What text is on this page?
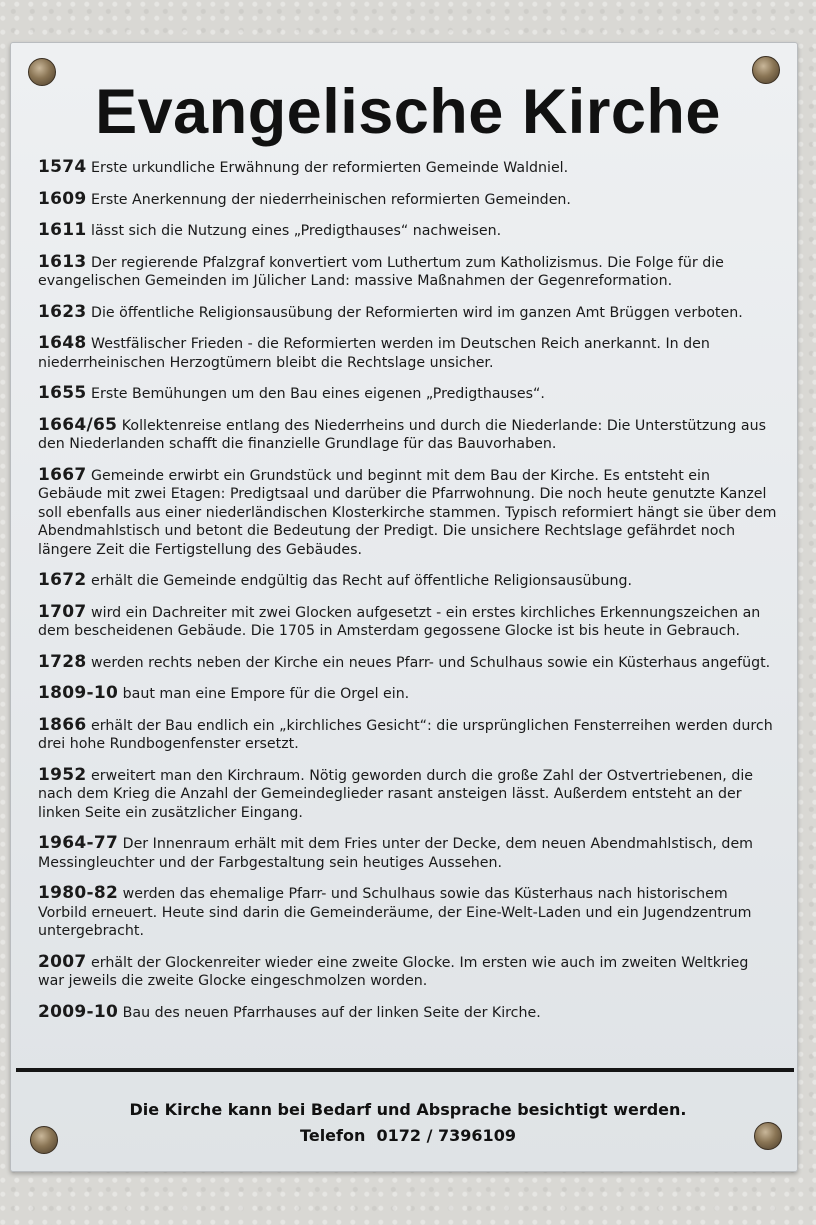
Evangelische Kirche

1574 Erste urkundliche Erwähnung der reformierten Gemeinde Waldniel.

1609 Erste Anerkennung der niederrheinischen reformierten Gemeinden.

1611 lässt sich die Nutzung eines „Predigthauses“ nachweisen.

1613 Der regierende Pfalzgraf konvertiert vom Luthertum zum Katholizismus. Die Folge für die evangelischen Gemeinden im Jülicher Land: massive Maßnahmen der Gegenreformation.

1623 Die öffentliche Religionsausübung der Reformierten wird im ganzen Amt Brüggen verboten.

1648 Westfälischer Frieden - die Reformierten werden im Deutschen Reich anerkannt. In den niederrheinischen Herzogtümern bleibt die Rechtslage unsicher.

1655 Erste Bemühungen um den Bau eines eigenen „Predigthauses“.

1664/65 Kollektenreise entlang des Niederrheins und durch die Niederlande: Die Unterstützung aus den Niederlanden schafft die finanzielle Grundlage für das Bauvorhaben.

1667 Gemeinde erwirbt ein Grundstück und beginnt mit dem Bau der Kirche. Es entsteht ein Gebäude mit zwei Etagen: Predigtsaal und darüber die Pfarrwohnung. Die noch heute genutzte Kanzel soll ebenfalls aus einer niederländischen Klosterkirche stammen. Typisch reformiert hängt sie über dem Abendmahlstisch und betont die Bedeutung der Predigt. Die unsichere Rechtslage gefährdet noch längere Zeit die Fertigstellung des Gebäudes.

1672 erhält die Gemeinde endgültig das Recht auf öffentliche Religionsausübung.

1707 wird ein Dachreiter mit zwei Glocken aufgesetzt - ein erstes kirchliches Erkennungszeichen an dem bescheidenen Gebäude. Die 1705 in Amsterdam gegossene Glocke ist bis heute in Gebrauch.

1728 werden rechts neben der Kirche ein neues Pfarr- und Schulhaus sowie ein Küsterhaus angefügt.

1809-10 baut man eine Empore für die Orgel ein.

1866 erhält der Bau endlich ein „kirchliches Gesicht“: die ursprünglichen Fensterreihen werden durch drei hohe Rundbogenfenster ersetzt.

1952 erweitert man den Kirchraum. Nötig geworden durch die große Zahl der Ostvertriebenen, die nach dem Krieg die Anzahl der Gemeindeglieder rasant ansteigen lässt. Außerdem entsteht an der linken Seite ein zusätzlicher Eingang.

1964-77 Der Innenraum erhält mit dem Fries unter der Decke, dem neuen Abendmahlstisch, dem Messingleuchter und der Farbgestaltung sein heutiges Aussehen.

1980-82 werden das ehemalige Pfarr- und Schulhaus sowie das Küsterhaus nach historischem Vorbild erneuert. Heute sind darin die Gemeinderäume, der Eine-Welt-Laden und ein Jugendzentrum untergebracht.

2007 erhält der Glockenreiter wieder eine zweite Glocke. Im ersten wie auch im zweiten Weltkrieg war jeweils die zweite Glocke eingeschmolzen worden.

2009-10 Bau des neuen Pfarrhauses auf der linken Seite der Kirche.

Die Kirche kann bei Bedarf und Absprache besichtigt werden.
Telefon  0172 / 7396109
